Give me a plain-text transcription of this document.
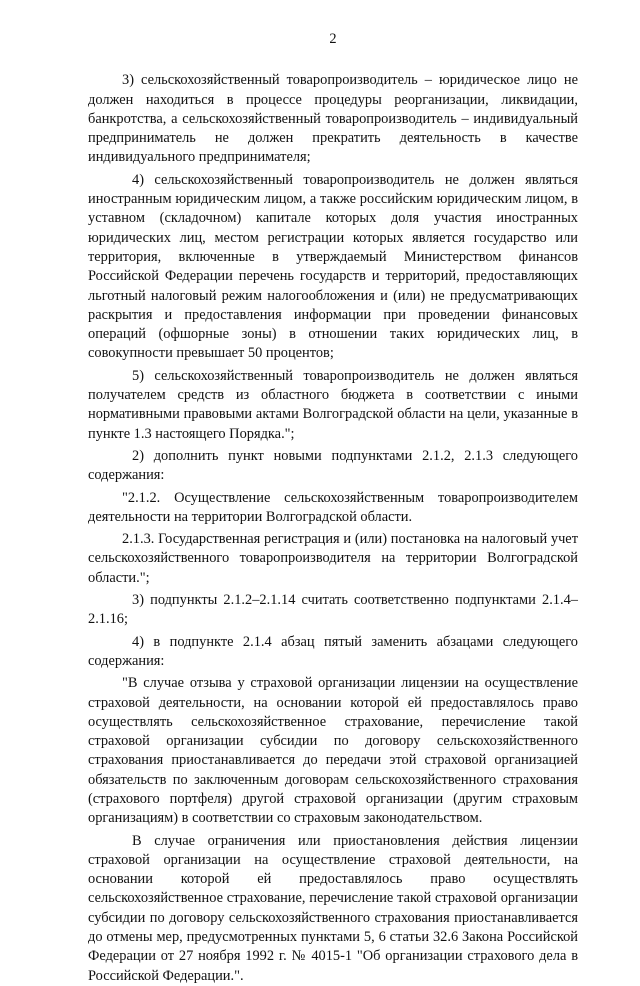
2

3) сельскохозяйственный товаропроизводитель – юридическое лицо не должен находиться в процессе процедуры реорганизации, ликвидации, банкротства, а сельскохозяйственный товаропроизводитель – индивидуальный предприниматель не должен прекратить деятельность в качестве индивидуального предпринимателя;

4) сельскохозяйственный товаропроизводитель не должен являться иностранным юридическим лицом, а также российским юридическим лицом, в уставном (складочном) капитале которых доля участия иностранных юридических лиц, местом регистрации которых является государство или территория, включенные в утверждаемый Министерством финансов Российской Федерации перечень государств и территорий, предоставляющих льготный налоговый режим налогообложения и (или) не предусматривающих раскрытия и предоставления информации при проведении финансовых операций (офшорные зоны) в отношении таких юридических лиц, в совокупности превышает 50 процентов;

5) сельскохозяйственный товаропроизводитель не должен являться получателем средств из областного бюджета в соответствии с иными нормативными правовыми актами Волгоградской области на цели, указанные в пункте 1.3 настоящего Порядка.";

2) дополнить пункт новыми подпунктами 2.1.2, 2.1.3 следующего содержания:

"2.1.2. Осуществление сельскохозяйственным товаропроизводителем деятельности на территории Волгоградской области.

2.1.3. Государственная регистрация и (или) постановка на налоговый учет сельскохозяйственного товаропроизводителя на территории Волгоградской области.";

3) подпункты 2.1.2–2.1.14 считать соответственно подпунктами 2.1.4–2.1.16;

4) в подпункте 2.1.4 абзац пятый заменить абзацами следующего содержания:

"В случае отзыва у страховой организации лицензии на осуществление страховой деятельности, на основании которой ей предоставлялось право осуществлять сельскохозяйственное страхование, перечисление такой страховой организации субсидии по договору сельскохозяйственного страхования приостанавливается до передачи этой страховой организацией обязательств по заключенным договорам сельскохозяйственного страхования (страхового портфеля) другой страховой организации (другим страховым организациям) в соответствии со страховым законодательством.

В случае ограничения или приостановления действия лицензии страховой организации на осуществление страховой деятельности, на основании которой ей предоставлялось право осуществлять сельскохозяйственное страхование, перечисление такой страховой организации субсидии по договору сельскохозяйственного страхования приостанавливается до отмены мер, предусмотренных пунктами 5, 6 статьи 32.6 Закона Российской Федерации от 27 ноября 1992 г. № 4015-1 "Об организации страхового дела в Российской Федерации.".
